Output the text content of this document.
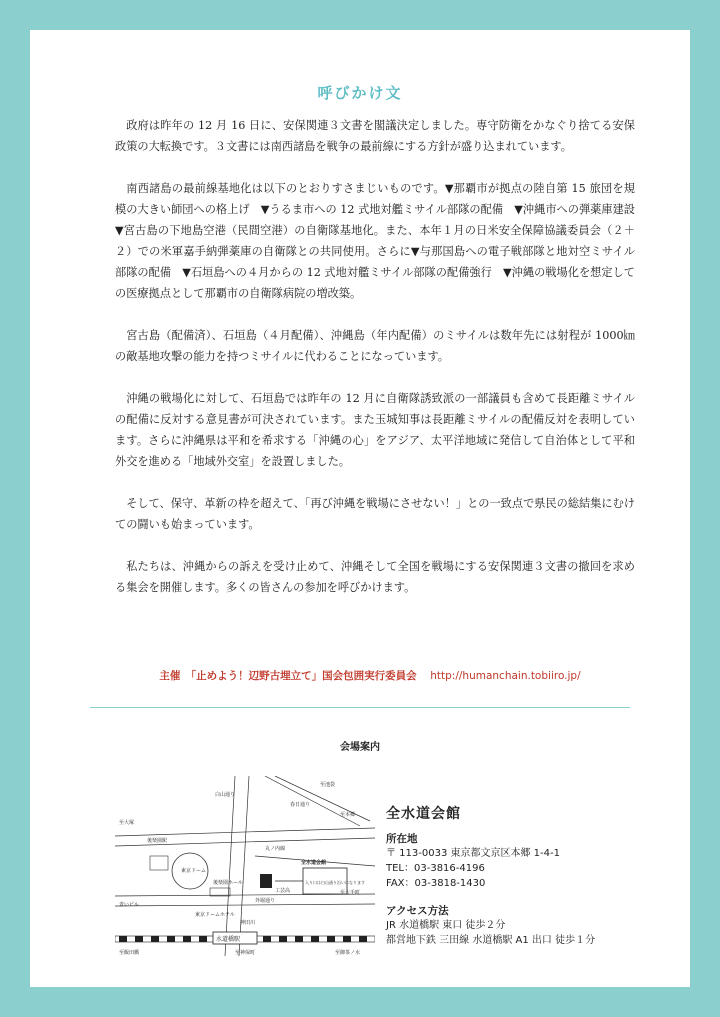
呼びかけ文

政府は昨年の 12 月 16 日に、安保関連３文書を閣議決定しました。専守防衛をかなぐり捨てる安保政策の大転換です。３文書には南西諸島を戦争の最前線にする方針が盛り込まれています。

南西諸島の最前線基地化は以下のとおりすさまじいものです。▼那覇市が拠点の陸自第 15 旅団を規模の大きい師団への格上げ　▼うるま市への 12 式地対艦ミサイル部隊の配備　▼沖縄市への弾薬庫建設　▼宮古島の下地島空港（民間空港）の自衛隊基地化。また、本年１月の日米安全保障協議委員会（２＋２）での米軍嘉手納弾薬庫の自衛隊との共同使用。さらに▼与那国島への電子戦部隊と地対空ミサイル部隊の配備　▼石垣島への４月からの 12 式地対艦ミサイル部隊の配備強行　▼沖縄の戦場化を想定しての医療拠点として那覇市の自衛隊病院の増改築。

宮古島（配備済）、石垣島（４月配備）、沖縄島（年内配備）のミサイルは数年先には射程が 1000㎞の敵基地攻撃の能力を持つミサイルに代わることになっています。

沖縄の戦場化に対して、石垣島では昨年の 12 月に自衛隊誘致派の一部議員も含めて長距離ミサイルの配備に反対する意見書が可決されています。また玉城知事は長距離ミサイルの配備反対を表明しています。さらに沖縄県は平和を希求する「沖縄の心」をアジア、太平洋地域に発信して自治体として平和外交を進める「地域外交室」を設置しました。

そして、保守、革新の枠を超えて、「再び沖縄を戦場にさせない！」との一致点で県民の総結集にむけての闘いも始まっています。

私たちは、沖縄からの訴えを受け止めて、沖縄そして全国を戦場にする安保関連３文書の撤回を求める集会を開催します。多くの皆さんの参加を呼びかけます。

主催　「止めよう！辺野古埋立て」国会包囲実行委員会 http://humanchain.tobiiro.jp/
会場案内
至大塚
白山通り
至池袋
春日通り
丸ノ内線
後楽園駅
東京ドーム
東京ドームホテル
全水道会館
入り口は白山通り沿いになります
外堀通り
神田川
水道橋駅
至飯田橋	至御茶ノ水
至神保町
至大手町
至本郷
青いビル
後楽園ホール
工芸高
全水道会館
所在地
〒 113-0033 東京都文京区本郷 1-4-1
TEL：03-3816-4196
FAX：03-3818-1430
アクセス方法
JR 水道橋駅 東口 徒歩２分
都営地下鉄 三田線 水道橋駅 A1 出口 徒歩１分
